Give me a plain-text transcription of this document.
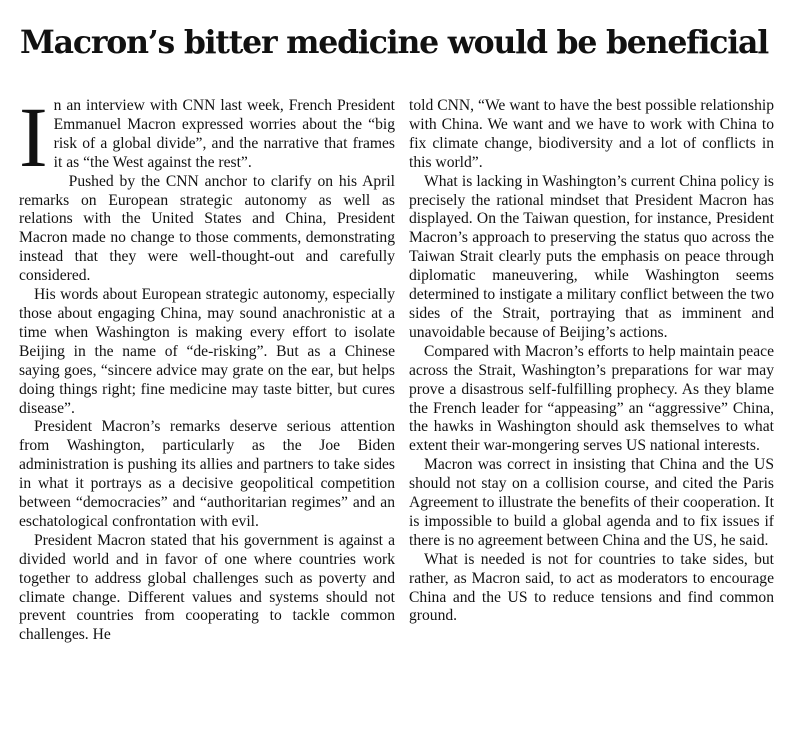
Macron’s bitter medicine would be beneficial

In an interview with CNN last week, French President Emmanuel Macron expressed worries about the “big risk of a global divide”, and the narrative that frames it as “the West against the rest”.

Pushed by the CNN anchor to clarify on his April remarks on European strategic autonomy as well as relations with the United States and China, President Macron made no change to those comments, demonstrating instead that they were well-thought-out and carefully considered.

His words about European strategic autonomy, especially those about engaging China, may sound anachronistic at a time when Washington is making every effort to isolate Beijing in the name of “de-risking”. But as a Chinese saying goes, “sincere advice may grate on the ear, but helps doing things right; fine medicine may taste bitter, but cures disease”.

President Macron’s remarks deserve serious attention from Washington, particularly as the Joe Biden administration is pushing its allies and partners to take sides in what it portrays as a decisive geopolitical competition between “democracies” and “authoritarian regimes” and an eschatological confrontation with evil.

President Macron stated that his government is against a divided world and in favor of one where countries work together to address global challenges such as poverty and climate change. Different values and systems should not prevent countries from cooperating to tackle common challenges. He

told CNN, “We want to have the best possible relationship with China. We want and we have to work with China to fix climate change, biodiversity and a lot of conflicts in this world”.

What is lacking in Washington’s current China policy is precisely the rational mindset that President Macron has displayed. On the Taiwan question, for instance, President Macron’s approach to preserving the status quo across the Taiwan Strait clearly puts the emphasis on peace through diplomatic maneuvering, while Washington seems determined to instigate a military conflict between the two sides of the Strait, portraying that as imminent and unavoidable because of Beijing’s actions.

Compared with Macron’s efforts to help maintain peace across the Strait, Washington’s preparations for war may prove a disastrous self-fulfilling prophecy. As they blame the French leader for “appeasing” an “aggressive” China, the hawks in Washington should ask themselves to what extent their war-mongering serves US national interests.

Macron was correct in insisting that China and the US should not stay on a collision course, and cited the Paris Agreement to illustrate the benefits of their cooperation. It is impossible to build a global agenda and to fix issues if there is no agreement between China and the US, he said.

What is needed is not for countries to take sides, but rather, as Macron said, to act as moderators to encourage China and the US to reduce tensions and find common ground.
